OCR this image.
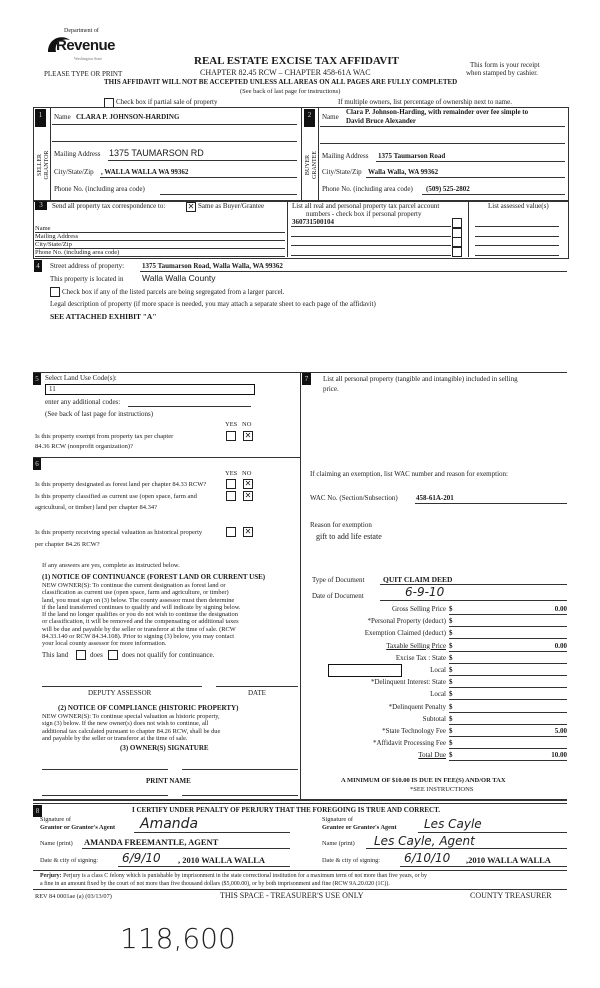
Department of
Revenue
Washington State
PLEASE TYPE OR PRINT
REAL ESTATE EXCISE TAX AFFIDAVIT
CHAPTER 82.45 RCW – CHAPTER 458-61A WAC
This form is your receipt
when stamped by cashier.
THIS AFFIDAVIT WILL NOT BE ACCEPTED UNLESS ALL AREAS ON ALL PAGES ARE FULLY COMPLETED
(See back of last page for instructions)
Check box if partial sale of property	If multiple owners, list percentage of ownership next to name.
1	2
SELLER
GRANTOR	BUYER
GRANTEE
Name CLARA P. JOHNSON-HARDING
Mailing Address 1375 TAUMARSON RD
City/State/Zip , WALLA WALLA WA 99362
Phone No. (including area code)
Name
Clara P. Johnson-Harding, with remainder over fee simple to
David Bruce Alexander
Mailing Address 1375 Taumarson Road
City/State/Zip Walla Walla, WA 99362
Phone No. (including area code) (509) 525-2802
3	Send all property tax correspondence to:	✕ Same as Buyer/Grantee
Name
Mailing Address
City/State/Zip
Phone No. (including area code)
List all real and personal property tax parcel account
numbers - check box if personal property
List assessed value(s)
4	Street address of property:	1375 Taumarson Road, Walla Walla, WA 99362
This property is located in Walla Walla County
Check box if any of the listed parcels are being segregated from a larger parcel.
Legal description of property (if more space is needed, you may attach a separate sheet to each page of the affidavit)
SEE ATTACHED EXHIBIT "A"
5 Select Land Use Code(s):
11
enter any additional codes:
(See back of last page for instructions)
YES NO
Is this property exempt from property tax per chapter
84.36 RCW (nonprofit organization)?
✕
6
YES NO
Is this property designated as forest land per chapter 84.33 RCW?	✕
Is this property classified as current use (open space, farm and
agricultural, or timber) land per chapter 84.34?
✕
Is this property receiving special valuation as historical property
per chapter 84.26 RCW?
✕
If any answers are yes, complete as instructed below.
(1) NOTICE OF CONTINUANCE (FOREST LAND OR CURRENT USE)
NEW OWNER(S): To continue the current designation as forest land or
classification as current use (open space, farm and agriculture, or timber)
land, you must sign on (3) below. The county assessor must then determine
if the land transferred continues to qualify and will indicate by signing below.
If the land no longer qualifies or you do not wish to continue the designation
or classification, it will be removed and the compensating or additional taxes
will be due and payable by the seller or transferor at the time of sale. (RCW
84.33.140 or RCW 84.34.108). Prior to signing (3) below, you may contact
your local county assessor for more information.
This land	does	does not qualify for continuance.
DEPUTY ASSESSOR	DATE
(2) NOTICE OF COMPLIANCE (HISTORIC PROPERTY)
NEW OWNER(S): To continue special valuation as historic property,
sign (3) below. If the new owner(s) does not wish to continue, all
additional tax calculated pursuant to chapter 84.26 RCW, shall be due
and payable by the seller or transferor at the time of sale.
(3) OWNER(S) SIGNATURE
PRINT NAME
7	List all personal property (tangible and intangible) included in selling
price.
If claiming an exemption, list WAC number and reason for exemption:
WAC No. (Section/Subsection)	458-61A-201
Reason for exemption
gift to add life estate
Type of Document QUIT CLAIM DEED
Date of Document	6-9-10
Gross Selling Price $	0.00
*Personal Property (deduct) $
Exemption Claimed (deduct) $
Taxable Selling Price $	0.00
Excise Tax : State $
Local $
*Delinquent Interest: State $
Local $
*Delinquent Penalty $
Subtotal $
*State Technology Fee $	5.00
*Affidavit Processing Fee $
Total Due $	10.00
A MINIMUM OF $10.00 IS DUE IN FEE(S) AND/OR TAX
*SEE INSTRUCTIONS
8	I CERTIFY UNDER PENALTY OF PERJURY THAT THE FOREGOING IS TRUE AND CORRECT.
Signature of
Grantor or Grantor's Agent Amanda
Name (print) AMANDA FREEMANTLE, AGENT
Date & city of signing: 6/9/10 , 2010 WALLA WALLA
Signature of
Grantee or Grantee's Agent Les Cayle
Name (print) Les Cayle, Agent
Date & city of signing: 6/10/10 ,2010 WALLA WALLA
Perjury: Perjury is a class C felony which is punishable by imprisonment in the state correctional institution for a maximum term of not more than five years, or by
a fine in an amount fixed by the court of not more than five thousand dollars ($5,000.00), or by both imprisonment and fine (RCW 9A.20.020 (1C)).
REV 84 0001ae (a) (03/13/07)	THIS SPACE - TREASURER'S USE ONLY	COUNTY TREASURER
118,600
360731500104
